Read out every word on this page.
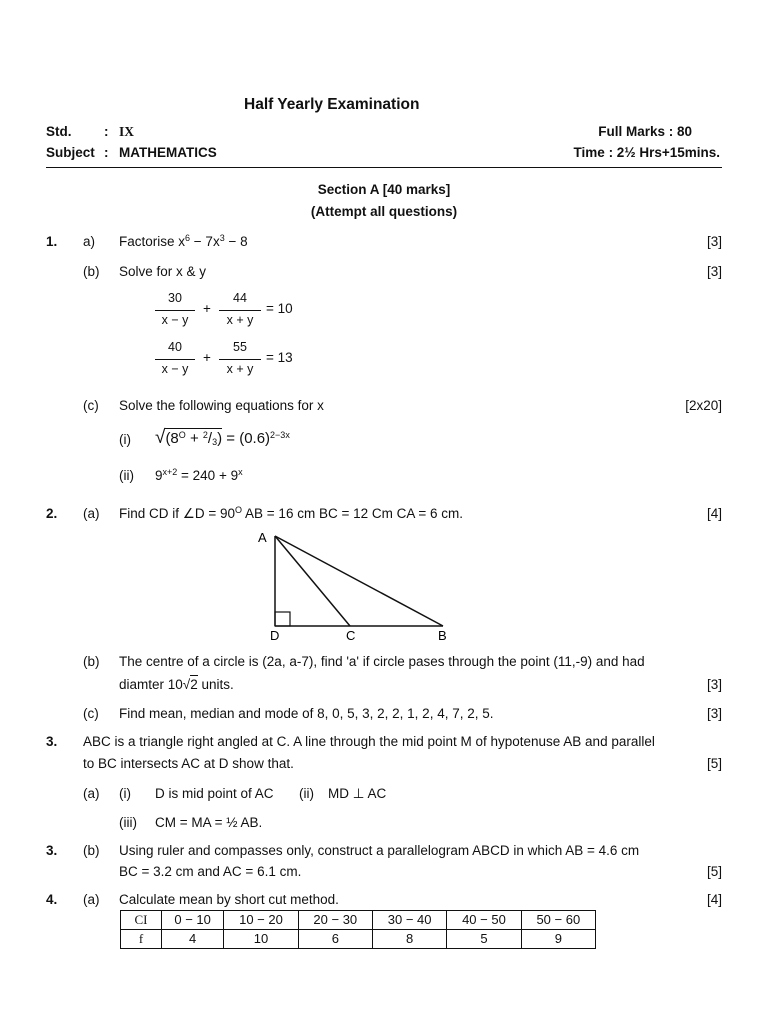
Half Yearly Examination
Std. : IX	Full Marks : 80
Subject : MATHEMATICS	Time : 2½ Hrs+15mins.
Section A [40 marks]
(Attempt all questions)
1. a) Factorise $x^6 - 7x^3 - 8$	[3]
(b) Solve for x & y	[3]
30
x − y
+
44
x + y
= 10
40
x − y
+
55
x + y
= 13
(c) Solve the following equations for x	[2x20]
(i) $√(8^O + ^2/_3) = (0.6)^{2-3x}$
(ii) $9^{x+2} = 240 + 9^x$
2. (a) Find CD if ∠D = $90^O$ AB = 16 cm BC = 12 Cm CA = 6 cm.	[4]
A
D	C	B
(b) The centre of a circle is (2a, a-7), find 'a' if circle pases through the point (11,-9) and had
diamter 10√2 units.	[3]
(c) Find mean, median and mode of 8, 0, 5, 3, 2, 2, 1, 2, 4, 7, 2, 5.	[3]
3. ABC is a triangle right angled at C. A line through the mid point M of hypotenuse AB and parallel
to BC intersects AC at D show that.	[5]
(a) (i) D is mid point of AC (ii) MD ⊥ AC
(iii) CM = MA = ½ AB.
3. (b) Using ruler and compasses only, construct a parallelogram ABCD in which AB = 4.6 cm
BC = 3.2 cm and AC = 6.1 cm.	[5]
4. (a) Calculate mean by short cut method.	[4]
CI	0 − 10	10 − 20	20 − 30	30 − 40	40 − 50	50 − 60
f	4	10	6	8	5	9
